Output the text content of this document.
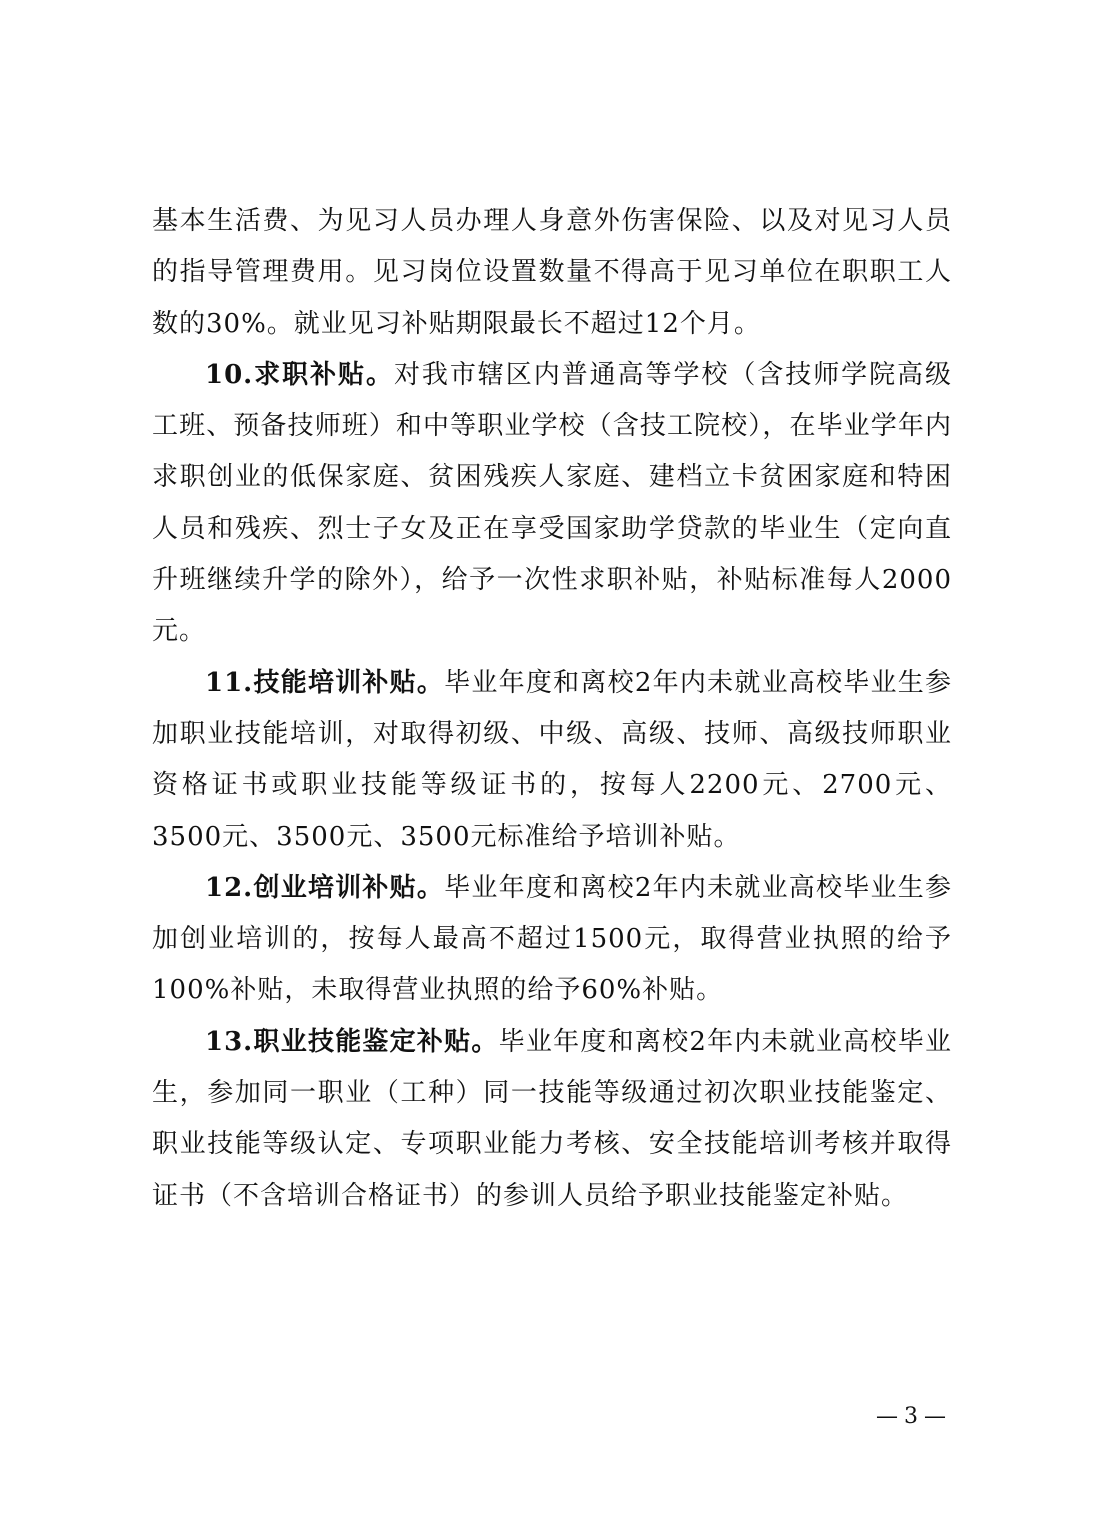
基本生活费、为见习人员办理人身意外伤害保险、以及对见习人员的指导管理费用。见习岗位设置数量不得高于见习单位在职职工人数的30%。就业见习补贴期限最长不超过12个月。

10.求职补贴。对我市辖区内普通高等学校（含技师学院高级工班、预备技师班）和中等职业学校（含技工院校），在毕业学年内求职创业的低保家庭、贫困残疾人家庭、建档立卡贫困家庭和特困人员和残疾、烈士子女及正在享受国家助学贷款的毕业生（定向直升班继续升学的除外），给予一次性求职补贴，补贴标准每人2000元。

11.技能培训补贴。毕业年度和离校2年内未就业高校毕业生参加职业技能培训，对取得初级、中级、高级、技师、高级技师职业资格证书或职业技能等级证书的，按每人2200元、2700元、3500元、3500元、3500元标准给予培训补贴。

12.创业培训补贴。毕业年度和离校2年内未就业高校毕业生参加创业培训的，按每人最高不超过1500元，取得营业执照的给予100%补贴，未取得营业执照的给予60%补贴。

13.职业技能鉴定补贴。毕业年度和离校2年内未就业高校毕业生，参加同一职业（工种）同一技能等级通过初次职业技能鉴定、职业技能等级认定、专项职业能力考核、安全技能培训考核并取得证书（不含培训合格证书）的参训人员给予职业技能鉴定补贴。

— 3 —
